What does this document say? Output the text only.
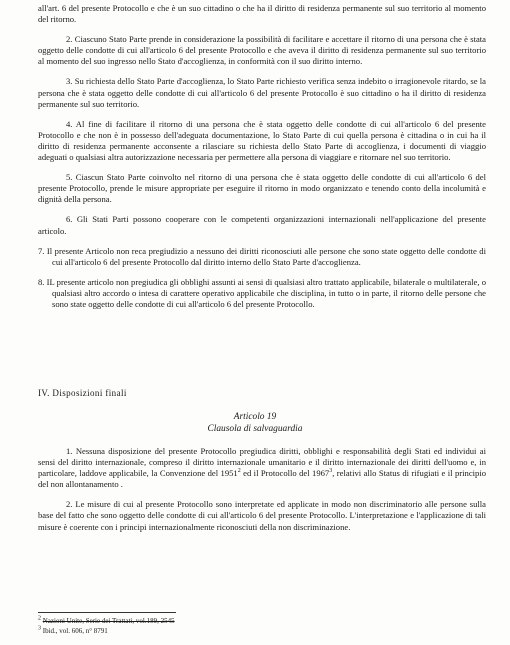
all'art. 6 del presente Protocollo e che è un suo cittadino o che ha il diritto di residenza permanente sul suo territorio al momento del ritorno.

2. Ciascuno Stato Parte prende in considerazione la possibilità di facilitare e accettare il ritorno di una persona che è stata oggetto delle condotte di cui all'articolo 6 del presente Protocollo e che aveva il diritto di residenza permanente sul suo territorio al momento del suo ingresso nello Stato d'accoglienza, in conformità con il suo diritto interno.

3. Su richiesta dello Stato Parte d'accoglienza, lo Stato Parte richiesto verifica senza indebito o irragionevole ritardo, se la persona che è stata oggetto delle condotte di cui all'articolo 6 del presente Protocollo è suo cittadino o ha il diritto di residenza permanente sul suo territorio.

4. Al fine di facilitare il ritorno di una persona che è stata oggetto delle condotte di cui all'articolo 6 del presente Protocollo e che non è in possesso dell'adeguata documentazione, lo Stato Parte di cui quella persona è cittadina o in cui ha il diritto di residenza permanente acconsente a rilasciare su richiesta dello Stato Parte di accoglienza, i documenti di viaggio adeguati o qualsiasi altra autorizzazione necessaria per permettere alla persona di viaggiare e ritornare nel suo territorio.

5. Ciascun Stato Parte coinvolto nel ritorno di una persona che è stata oggetto delle condotte di cui all'articolo 6 del presente Protocollo, prende le misure appropriate per eseguire il ritorno in modo organizzato e tenendo conto della incolumità e dignità della persona.

6. Gli Stati Parti possono cooperare con le competenti organizzazioni internazionali nell'applicazione del presente articolo.

7. Il presente Articolo non reca pregiudizio a nessuno dei diritti riconosciuti alle persone che sono state oggetto delle condotte di cui all'articolo 6 del presente Protocollo dal diritto interno dello Stato Parte d'accoglienza.

8. IL presente articolo non pregiudica gli obblighi assunti ai sensi di qualsiasi altro trattato applicabile, bilaterale o multilaterale, o qualsiasi altro accordo o intesa di carattere operativo applicabile che disciplina, in tutto o in parte, il ritorno delle persone che sono state oggetto delle condotte di cui all'articolo 6 del presente Protocollo.

IV. Disposizioni finali
Articolo 19
Clausola di salvaguardia

1. Nessuna disposizione del presente Protocollo pregiudica diritti, obblighi e responsabilità degli Stati ed individui ai sensi del diritto internazionale, compreso il diritto internazionale umanitario e il diritto internazionale dei diritti dell'uomo e, in particolare, laddove applicabile, la Convenzione del 1951$^2$ ed il Protocollo del 1967$^3$, relativi allo Status di rifugiati e il principio del non allontanamento .

2. Le misure di cui al presente Protocollo sono interpretate ed applicate in modo non discriminatorio alle persone sulla base del fatto che sono oggetto delle condotte di cui all'articolo 6 del presente Protocollo. L'interpretazione e l'applicazione di tali misure è coerente con i principi internazionalmente riconosciuti della non discriminazione.

$^2$ Nazioni Unite, Serie dei Trattati, vol.189, 2545
$^3$ Ibid., vol. 606, n° 8791
